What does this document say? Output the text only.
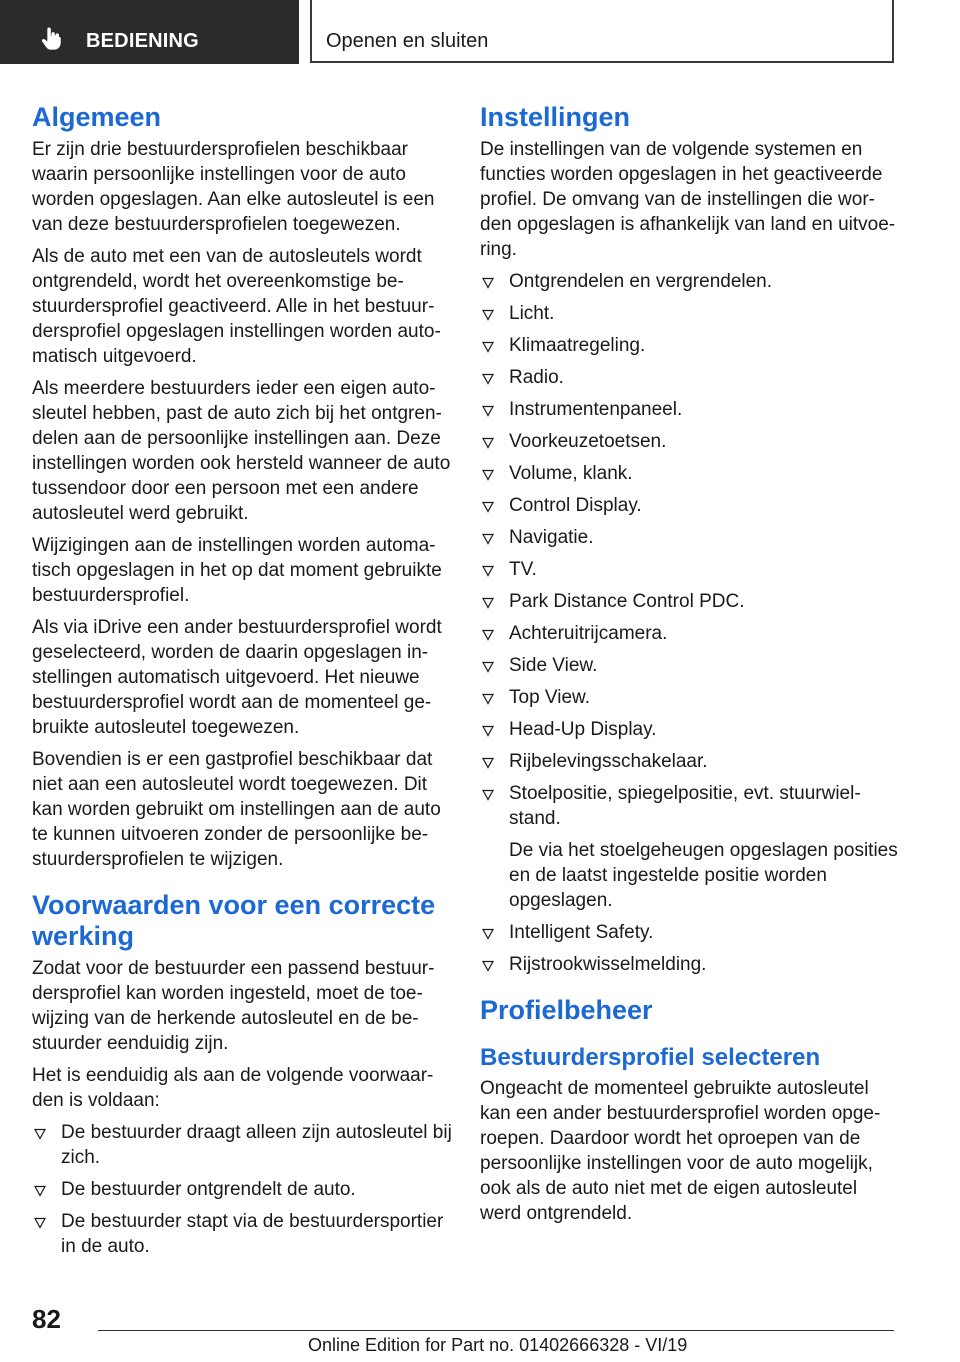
BEDIENING	Openen en sluiten
Algemeen

Er zijn drie bestuurdersprofielen beschikbaar waarin persoonlijke instellingen voor de auto worden opgeslagen. Aan elke autosleutel is een van deze bestuurdersprofielen toegewezen.

Als de auto met een van de autosleutels wordt ontgrendeld, wordt het overeenkomstige bestuurdersprofiel geactiveerd. Alle in het bestuurdersprofiel opgeslagen instellingen worden automatisch uitgevoerd.

Als meerdere bestuurders ieder een eigen autosleutel hebben, past de auto zich bij het ontgrendelen aan de persoonlijke instellingen aan. Deze instellingen worden ook hersteld wanneer de auto tussendoor door een persoon met een andere autosleutel werd gebruikt.

Wijzigingen aan de instellingen worden automatisch opgeslagen in het op dat moment gebruikte bestuurdersprofiel.

Als via iDrive een ander bestuurdersprofiel wordt geselecteerd, worden de daarin opgeslagen instellingen automatisch uitgevoerd. Het nieuwe bestuurdersprofiel wordt aan de momenteel gebruikte autosleutel toegewezen.

Bovendien is er een gastprofiel beschikbaar dat niet aan een autosleutel wordt toegewezen. Dit kan worden gebruikt om instellingen aan de auto te kunnen uitvoeren zonder de persoonlijke bestuurdersprofielen te wijzigen.

Voorwaarden voor een correcte werking

Zodat voor de bestuurder een passend bestuurdersprofiel kan worden ingesteld, moet de toewijzing van de herkende autosleutel en de bestuurder eenduidig zijn.

Het is eenduidig als aan de volgende voorwaarden is voldaan:

De bestuurder draagt alleen zijn autosleutel bij zich.
De bestuurder ontgrendelt de auto.
De bestuurder stapt via de bestuurdersportier in de auto.
Instellingen

De instellingen van de volgende systemen en functies worden opgeslagen in het geactiveerde profiel. De omvang van de instellingen die worden opgeslagen is afhankelijk van land en uitvoering.

Ontgrendelen en vergrendelen.
Licht.
Klimaatregeling.
Radio.
Instrumentenpaneel.
Voorkeuzetoetsen.
Volume, klank.
Control Display.
Navigatie.
TV.
Park Distance Control PDC.
Achteruitrijcamera.
Side View.
Top View.
Head-Up Display.
Rijbelevingsschakelaar.
Stoelpositie, spiegelpositie, evt. stuurwielstand.
De via het stoelgeheugen opgeslagen posities en de laatst ingestelde positie worden opgeslagen.
Intelligent Safety.
Rijstrookwisselmelding.
Profielbeheer
Bestuurdersprofiel selecteren

Ongeacht de momenteel gebruikte autosleutel kan een ander bestuurdersprofiel worden opgeroepen. Daardoor wordt het oproepen van de persoonlijke instellingen voor de auto mogelijk, ook als de auto niet met de eigen autosleutel werd ontgrendeld.

82
Online Edition for Part no. 01402666328 - VI/19
